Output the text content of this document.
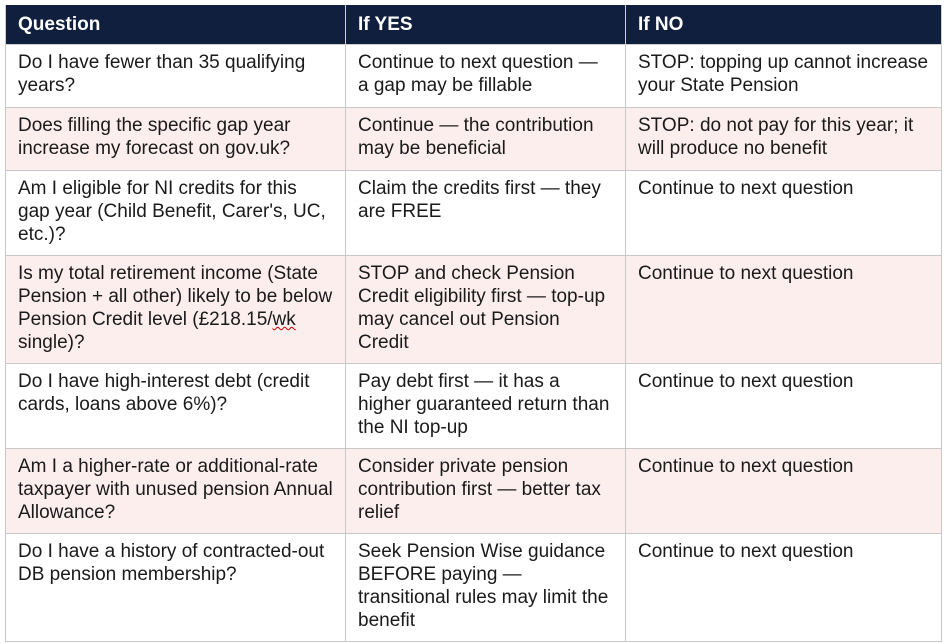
Question	If YES	If NO
Do I have fewer than 35 qualifying years?	Continue to next question — a gap may be fillable	STOP: topping up cannot increase your State Pension
Does filling the specific gap year increase my forecast on gov.uk?	Continue — the contribution may be beneficial	STOP: do not pay for this year; it will produce no benefit
Am I eligible for NI credits for this gap year (Child Benefit, Carer's, UC, etc.)?	Claim the credits first — they are FREE	Continue to next question
Is my total retirement income (State Pension + all other) likely to be below Pension Credit level (£218.15/wk single)?	STOP and check Pension Credit eligibility first — top-up may cancel out Pension Credit	Continue to next question
Do I have high-interest debt (credit cards, loans above 6%)?	Pay debt first — it has a higher guaranteed return than the NI top-up	Continue to next question
Am I a higher-rate or additional-rate taxpayer with unused pension Annual Allowance?	Consider private pension contribution first — better tax relief	Continue to next question
Do I have a history of contracted-out DB pension membership?	Seek Pension Wise guidance BEFORE paying — transitional rules may limit the benefit	Continue to next question
